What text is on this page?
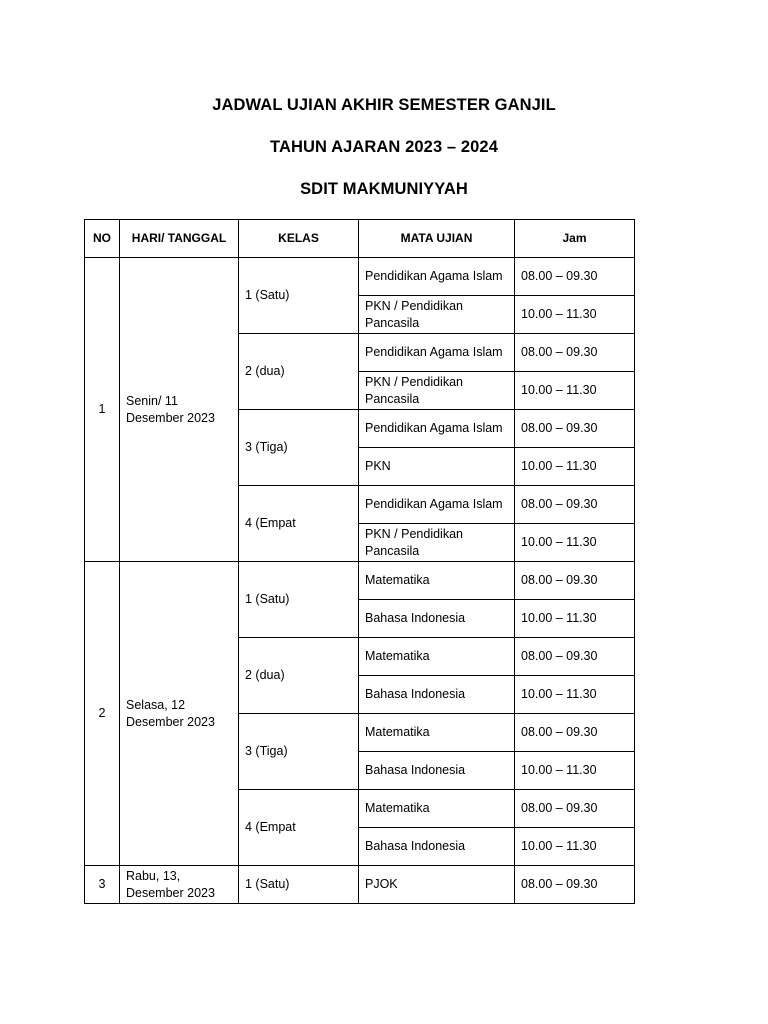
JADWAL UJIAN AKHIR SEMESTER GANJIL
TAHUN AJARAN 2023 – 2024
SDIT MAKMUNIYYAH
NO	HARI/ TANGGAL	KELAS	MATA UJIAN	Jam
1	Senin/ 11 Desember 2023	1 (Satu)	Pendidikan Agama Islam	08.00 – 09.30
			PKN / Pendidikan Pancasila	10.00 – 11.30
		2 (dua)	Pendidikan Agama Islam	08.00 – 09.30
			PKN / Pendidikan Pancasila	10.00 – 11.30
		3 (Tiga)	Pendidikan Agama Islam	08.00 – 09.30
			PKN	10.00 – 11.30
		4 (Empat	Pendidikan Agama Islam	08.00 – 09.30
			PKN / Pendidikan Pancasila	10.00 – 11.30
2	Selasa, 12 Desember 2023	1 (Satu)	Matematika	08.00 – 09.30
			Bahasa Indonesia	10.00 – 11.30
		2 (dua)	Matematika	08.00 – 09.30
			Bahasa Indonesia	10.00 – 11.30
		3 (Tiga)	Matematika	08.00 – 09.30
			Bahasa Indonesia	10.00 – 11.30
		4 (Empat	Matematika	08.00 – 09.30
			Bahasa Indonesia	10.00 – 11.30
3	Rabu, 13, Desember 2023	1 (Satu)	PJOK	08.00 – 09.30
